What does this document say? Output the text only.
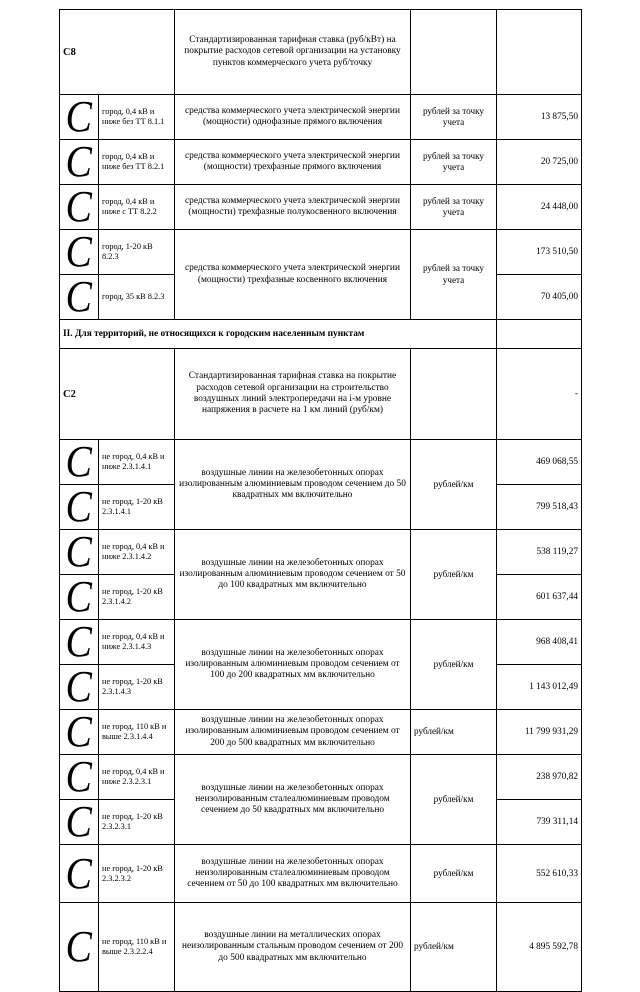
С8		Стандартизированная тарифная ставка (руб/кВт) на покрытие расходов сетевой организации на установку пунктов коммерческого учета руб/точку		
С	город, 0,4 кВ и ниже без ТТ 8.1.1	средства коммерческого учета электрической энергии (мощности) однофазные прямого включения	рублей за точку учета	13 875,50
С	город, 0,4 кВ и ниже без ТТ 8.2.1	средства коммерческого учета электрической энергии (мощности) трехфазные прямого включения	рублей за точку учета	20 725,00
С	город, 0,4 кВ и ниже с ТТ 8.2.2	средства коммерческого учета электрической энергии (мощности) трехфазные полукосвенного включения	рублей за точку учета	24 448,00
С	город, 1-20 кВ 8.2.3	средства коммерческого учета электрической энергии (мощности) трехфазные косвенного включения	рублей за точку учета	173 510,50
С	город, 35 кВ 8.2.3			70 405,00
II. Для территорий, не относящихся к городским населенным пунктам				
С2		Стандартизированная тарифная ставка на покрытие расходов сетевой организации на строительство воздушных линий электропередачи на i-м уровне напряжения в расчете на 1 км линий (руб/км)		-
С	не город, 0,4 кВ и ниже 2.3.1.4.1	воздушные линии на железобетонных опорах изолированным алюминиевым проводом сечением до 50 квадратных мм включительно	рублей/км	469 068,55
С	не город, 1-20 кВ 2.3.1.4.1			799 518,43
С	не город, 0,4 кВ и ниже 2.3.1.4.2	воздушные линии на железобетонных опорах изолированным алюминиевым проводом сечением от 50 до 100 квадратных мм включительно	рублей/км	538 119,27
С	не город, 1-20 кВ 2.3.1.4.2			601 637,44
С	не город, 0,4 кВ и ниже 2.3.1.4.3	воздушные линии на железобетонных опорах изолированным алюминиевым проводом сечением от 100 до 200 квадратных мм включительно	рублей/км	968 408,41
С	не город, 1-20 кВ 2.3.1.4.3			1 143 012,49
С	не город, 110 кВ и выше 2.3.1.4.4	воздушные линии на железобетонных опорах изолированным алюминиевым проводом сечением от 200 до 500 квадратных мм включительно	рублей/км	11 799 931,29
С	не город, 0,4 кВ и ниже 2.3.2.3.1	воздушные линии на железобетонных опорах неизолированным сталеалюминиевым проводом сечением до 50 квадратных мм включительно	рублей/км	238 970,82
С	не город, 1-20 кВ 2.3.2.3.1			739 311,14
С	не город, 1-20 кВ 2.3.2.3.2	воздушные линии на железобетонных опорах неизолированным сталеалюминиевым проводом сечением от 50 до 100 квадратных мм включительно	рублей/км	552 610,33
С	не город, 110 кВ и выше 2.3.2.2.4	воздушные линии на металлических опорах неизолированным стальным проводом сечением от 200 до 500 квадратных мм включительно	рублей/км	4 895 592,78
